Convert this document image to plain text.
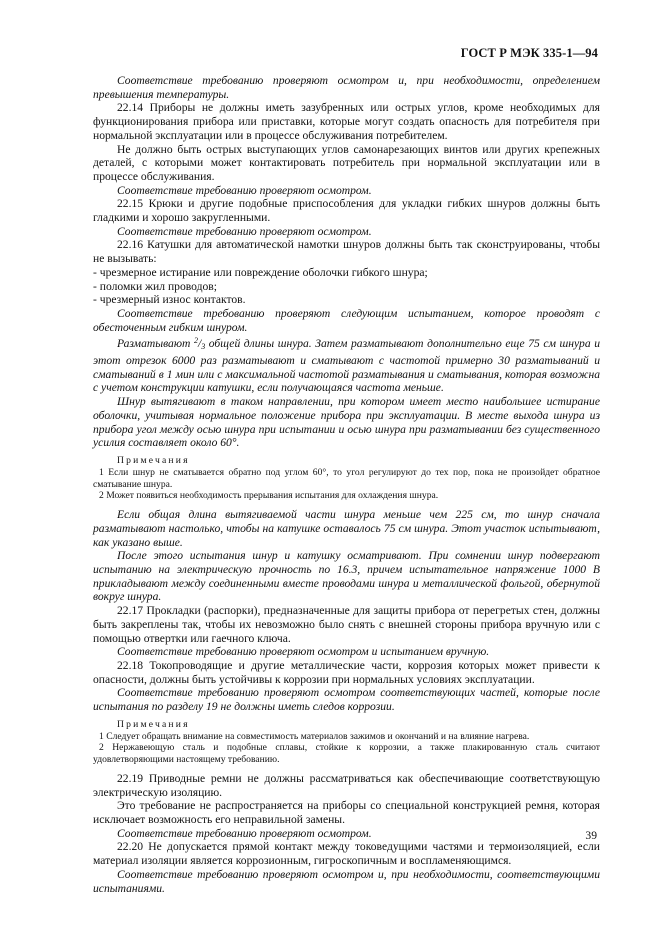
ГОСТ Р МЭК 335-1—94

Соответствие требованию проверяют осмотром и, при необходимости, определением превышения температуры.

22.14 Приборы не должны иметь зазубренных или острых углов, кроме необходимых для функционирования прибора или приставки, которые могут создать опасность для потребителя при нормальной эксплуатации или в процессе обслуживания потребителем.

Не должно быть острых выступающих углов самонарезающих винтов или других крепежных деталей, с которыми может контактировать потребитель при нормальной эксплуатации или в процессе обслуживания.

Соответствие требованию проверяют осмотром.

22.15 Крюки и другие подобные приспособления для укладки гибких шнуров должны быть гладкими и хорошо закругленными.

Соответствие требованию проверяют осмотром.

22.16 Катушки для автоматической намотки шнуров должны быть так сконструированы, чтобы не вызывать:

- чрезмерное истирание или повреждение оболочки гибкого шнура;

- поломки жил проводов;

- чрезмерный износ контактов.

Соответствие требованию проверяют следующим испытанием, которое проводят с обесточенным гибким шнуром.

Разматывают $^2/_3$ общей длины шнура. Затем разматывают дополнительно еще 75 см шнура и этот отрезок 6000 раз разматывают и сматывают с частотой примерно 30 разматываний и сматываний в 1 мин или с максимальной частотой разматывания и сматывания, которая возможна с учетом конструкции катушки, если получающаяся частота меньше.

Шнур вытягивают в таком направлении, при котором имеет место наибольшее истирание оболочки, учитывая нормальное положение прибора при эксплуатации. В месте выхода шнура из прибора угол между осью шнура при испытании и осью шнура при разматывании без существенного усилия составляет около 60°.

Примечания

1 Если шнур не сматывается обратно под углом 60°, то угол регулируют до тех пор, пока не произойдет обратное сматывание шнура.

2 Может появиться необходимость прерывания испытания для охлаждения шнура.

Если общая длина вытягиваемой части шнура меньше чем 225 см, то шнур сначала разматывают настолько, чтобы на катушке оставалось 75 см шнура. Этот участок испытывают, как указано выше.

После этого испытания шнур и катушку осматривают. При сомнении шнур подвергают испытанию на электрическую прочность по 16.3, причем испытательное напряжение 1000 В прикладывают между соединенными вместе проводами шнура и металлической фольгой, обернутой вокруг шнура.

22.17 Прокладки (распорки), предназначенные для защиты прибора от перегретых стен, должны быть закреплены так, чтобы их невозможно было снять с внешней стороны прибора вручную или с помощью отвертки или гаечного ключа.

Соответствие требованию проверяют осмотром и испытанием вручную.

22.18 Токопроводящие и другие металлические части, коррозия которых может привести к опасности, должны быть устойчивы к коррозии при нормальных условиях эксплуатации.

Соответствие требованию проверяют осмотром соответствующих частей, которые после испытания по разделу 19 не должны иметь следов коррозии.

Примечания

1 Следует обращать внимание на совместимость материалов зажимов и окончаний и на влияние нагрева.

2 Нержавеющую сталь и подобные сплавы, стойкие к коррозии, а также плакированную сталь считают удовлетворяющими настоящему требованию.

22.19 Приводные ремни не должны рассматриваться как обеспечивающие соответствующую электрическую изоляцию.

Это требование не распространяется на приборы со специальной конструкцией ремня, которая исключает возможность его неправильной замены.

Соответствие требованию проверяют осмотром.

22.20 Не допускается прямой контакт между токоведущими частями и термоизоляцией, если материал изоляции является коррозионным, гигроскопичным и воспламеняющимся.

Соответствие требованию проверяют осмотром и, при необходимости, соответствующими испытаниями.

39
